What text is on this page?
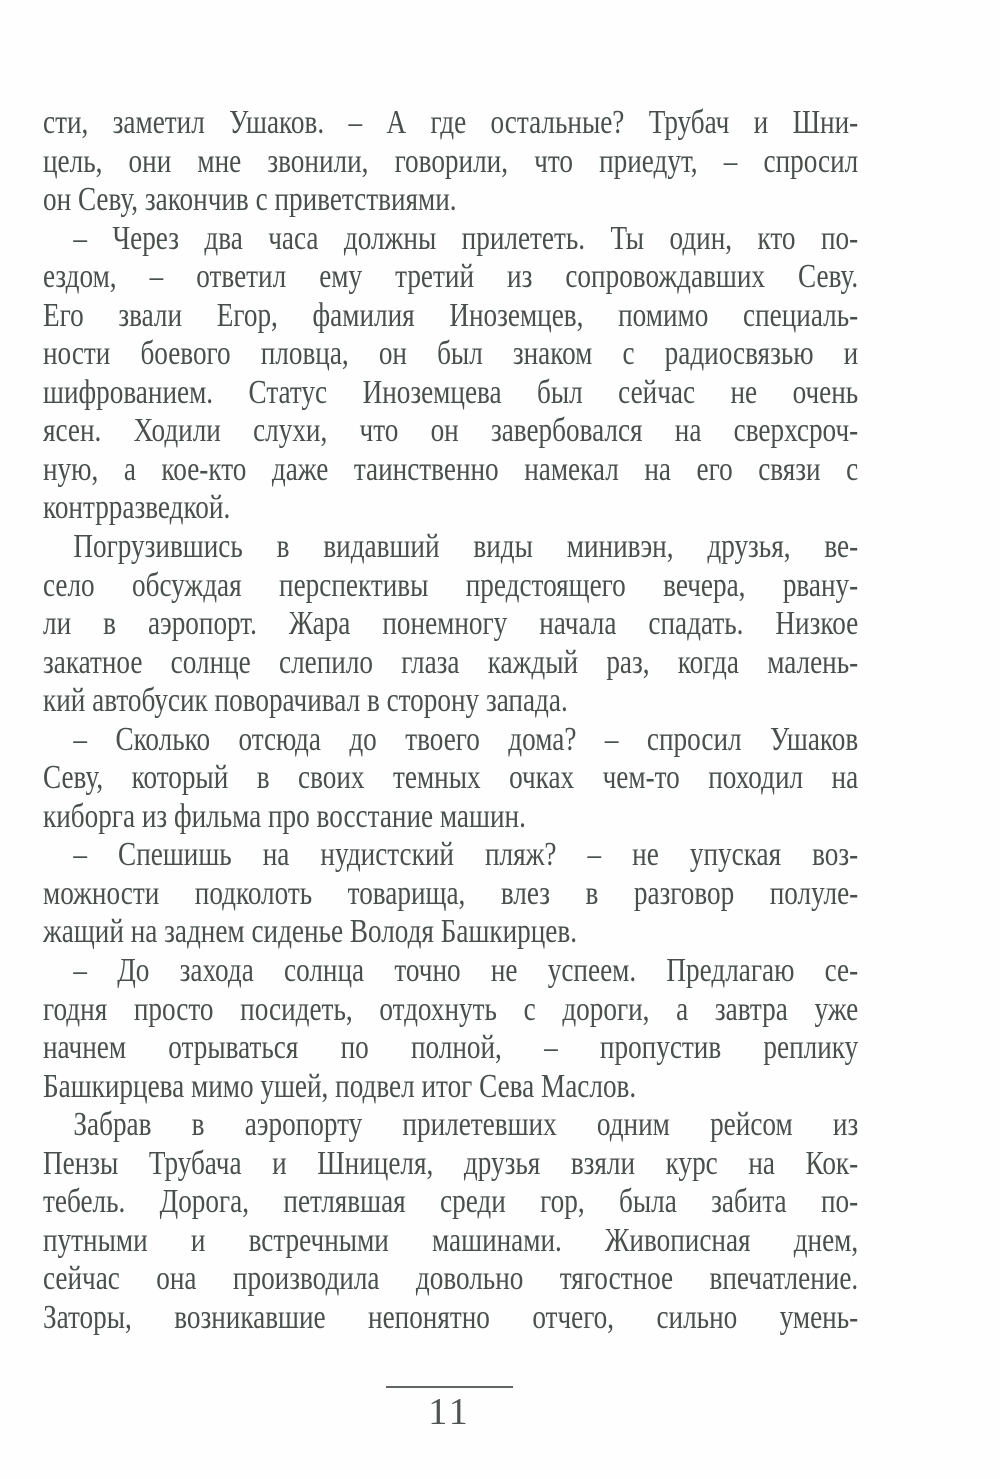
сти, заметил Ушаков. – А где остальные? Трубач и Шни-
цель, они мне звонили, говорили, что приедут, – спросил
он Севу, закончив с приветствиями.
– Через два часа должны прилететь. Ты один, кто по-
ездом, – ответил ему третий из сопровождавших Севу.
Его звали Егор, фамилия Иноземцев, помимо специаль-
ности боевого пловца, он был знаком с радиосвязью и
шифрованием. Статус Иноземцева был сейчас не очень
ясен. Ходили слухи, что он завербовался на сверхсроч-
ную, а кое-кто даже таинственно намекал на его связи с
контрразведкой.
Погрузившись в видавший виды минивэн, друзья, ве-
село обсуждая перспективы предстоящего вечера, рвану-
ли в аэропорт. Жара понемногу начала спадать. Низкое
закатное солнце слепило глаза каждый раз, когда малень-
кий автобусик поворачивал в сторону запада.
– Сколько отсюда до твоего дома? – спросил Ушаков
Севу, который в своих темных очках чем-то походил на
киборга из фильма про восстание машин.
– Спешишь на нудистский пляж? – не упуская воз-
можности подколоть товарища, влез в разговор полуле-
жащий на заднем сиденье Володя Башкирцев.
– До захода солнца точно не успеем. Предлагаю се-
годня просто посидеть, отдохнуть с дороги, а завтра уже
начнем отрываться по полной, – пропустив реплику
Башкирцева мимо ушей, подвел итог Сева Маслов.
Забрав в аэропорту прилетевших одним рейсом из
Пензы Трубача и Шницеля, друзья взяли курс на Кок-
тебель. Дорога, петлявшая среди гор, была забита по-
путными и встречными машинами. Живописная днем,
сейчас она производила довольно тягостное впечатление.
Заторы, возникавшие непонятно отчего, сильно умень-
11
